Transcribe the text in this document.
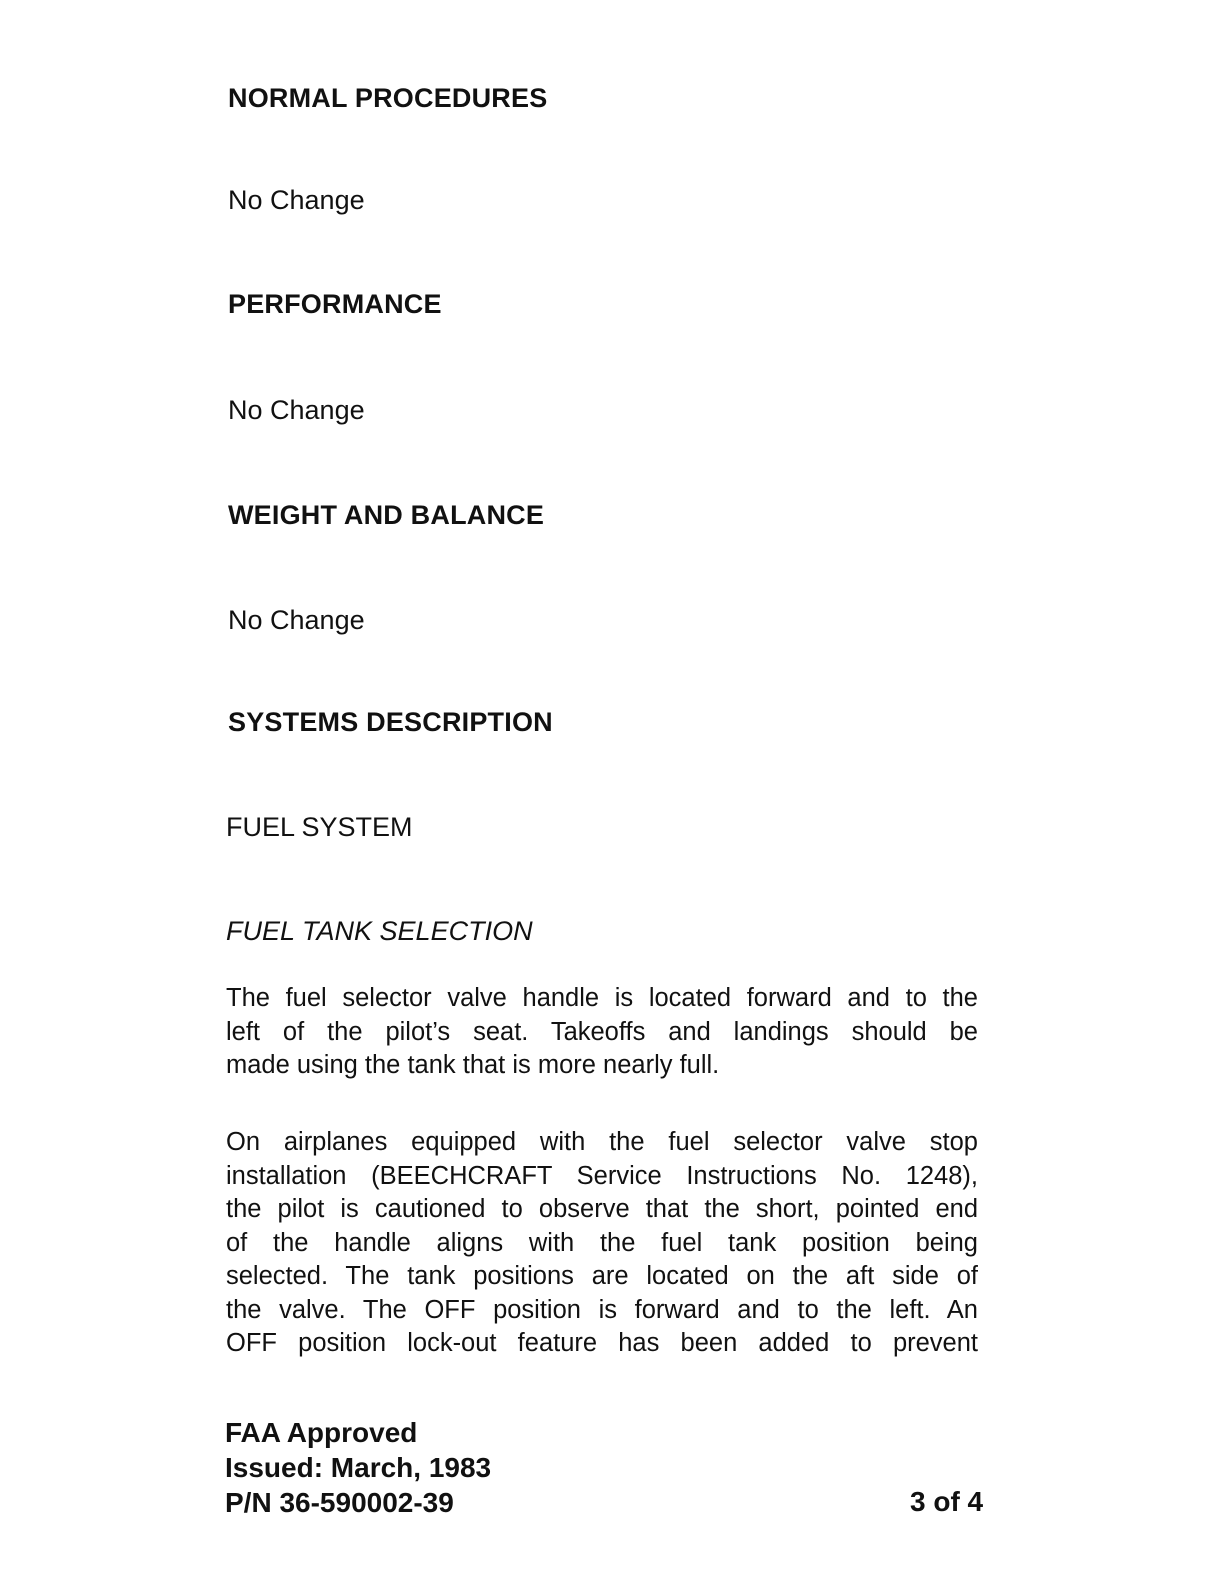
NORMAL PROCEDURES
No Change
PERFORMANCE
No Change
WEIGHT AND BALANCE
No Change
SYSTEMS DESCRIPTION
FUEL SYSTEM
FUEL TANK SELECTION
The fuel selector valve handle is located forward and to the
left of the pilot’s seat. Takeoffs and landings should be
made using the tank that is more nearly full.
On airplanes equipped with the fuel selector valve stop
installation (BEECHCRAFT Service Instructions No. 1248),
the pilot is cautioned to observe that the short, pointed end
of the handle aligns with the fuel tank position being
selected. The tank positions are located on the aft side of
the valve. The OFF position is forward and to the left. An
OFF position lock-out feature has been added to prevent
FAA Approved
Issued: March, 1983
P/N 36-590002-39	3 of 4
